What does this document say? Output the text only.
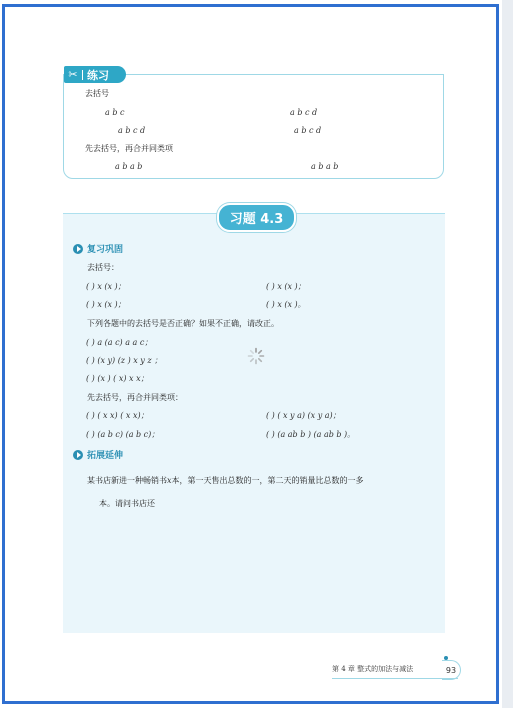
✂ 练习
去括号
a b c	a b c d
a b c d	a b c d
先去括号，再合并同类项
a b a b	a b a b
习题 4.3
复习巩固
去括号：
( ) x (x )；	( ) x (x )；
( ) x (x )；	( ) x (x )。
下列各题中的去括号是否正确？如果不正确，请改正。
( ) a (a c) a a c；
( ) (x y) (z ) x y z ；
( ) (x ) ( x) x x；
先去括号，再合并同类项：
( ) ( x x) ( x x)；	( ) ( x y a) (x y a)；
( ) (a b c) (a b c)；	( ) (a ab b ) (a ab b )。
拓展延伸
某书店新进一种畅销书x本，第一天售出总数的一，第二天的销量比总数的一多
本。请问书店还
第 4 章 整式的加法与减法	93
